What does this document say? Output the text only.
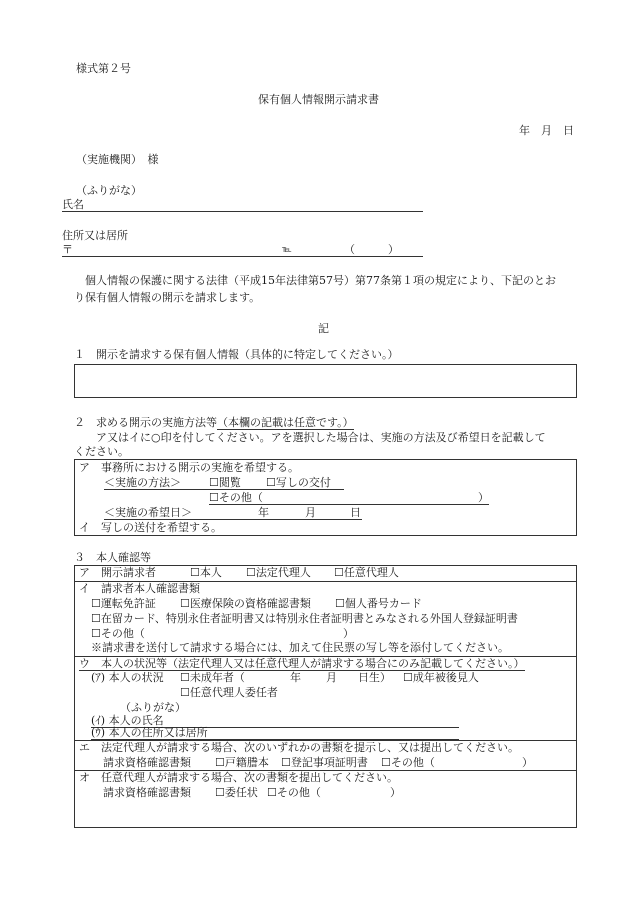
様式第２号
保有個人情報開示請求書
年　月　日
（実施機関）　様
（ふりがな）
氏名
住所又は居所
〒	℡	（　　　）
個人情報の保護に関する法律（平成15年法律第57号）第77条第１項の規定により、下記のとお
り保有個人情報の開示を請求します。
記
１　開示を請求する保有個人情報（具体的に特定してください。）
２　求める開示の実施方法等（本欄の記載は任意です。）
ア又はイに○印を付してください。アを選択した場合は、実施の方法及び希望日を記載して
ください。
ア　事務所における開示の実施を希望する。
＜実施の方法＞	☐閲覧 ☐写しの交付
☐その他（	）
＜実施の希望日＞	年	月	日
イ　写しの送付を希望する。
３　本人確認等
ア　開示請求者	☐本人 ☐法定代理人 ☐任意代理人
イ　請求者本人確認書類
☐運転免許証 ☐医療保険の資格確認書類 ☐個人番号カード
☐在留カード、特別永住者証明書又は特別永住者証明書とみなされる外国人登録証明書
☐その他（	）
※請求書を送付して請求する場合には、加えて住民票の写し等を添付してください。
ウ　本人の状況等（法定代理人又は任意代理人が請求する場合にのみ記載してください。）
(ｱ) 本人の状況 ☐未成年者（	年 月 日生） ☐成年被後見人
☐任意代理人委任者
（ふりがな）
(ｲ) 本人の氏名
(ｳ) 本人の住所又は居所
エ　法定代理人が請求する場合、次のいずれかの書類を提示し、又は提出してください。
請求資格確認書類 ☐戸籍謄本 ☐登記事項証明書 ☐その他（	）
オ　任意代理人が請求する場合、次の書類を提出してください。
請求資格確認書類 ☐委任状 ☐その他（	）
